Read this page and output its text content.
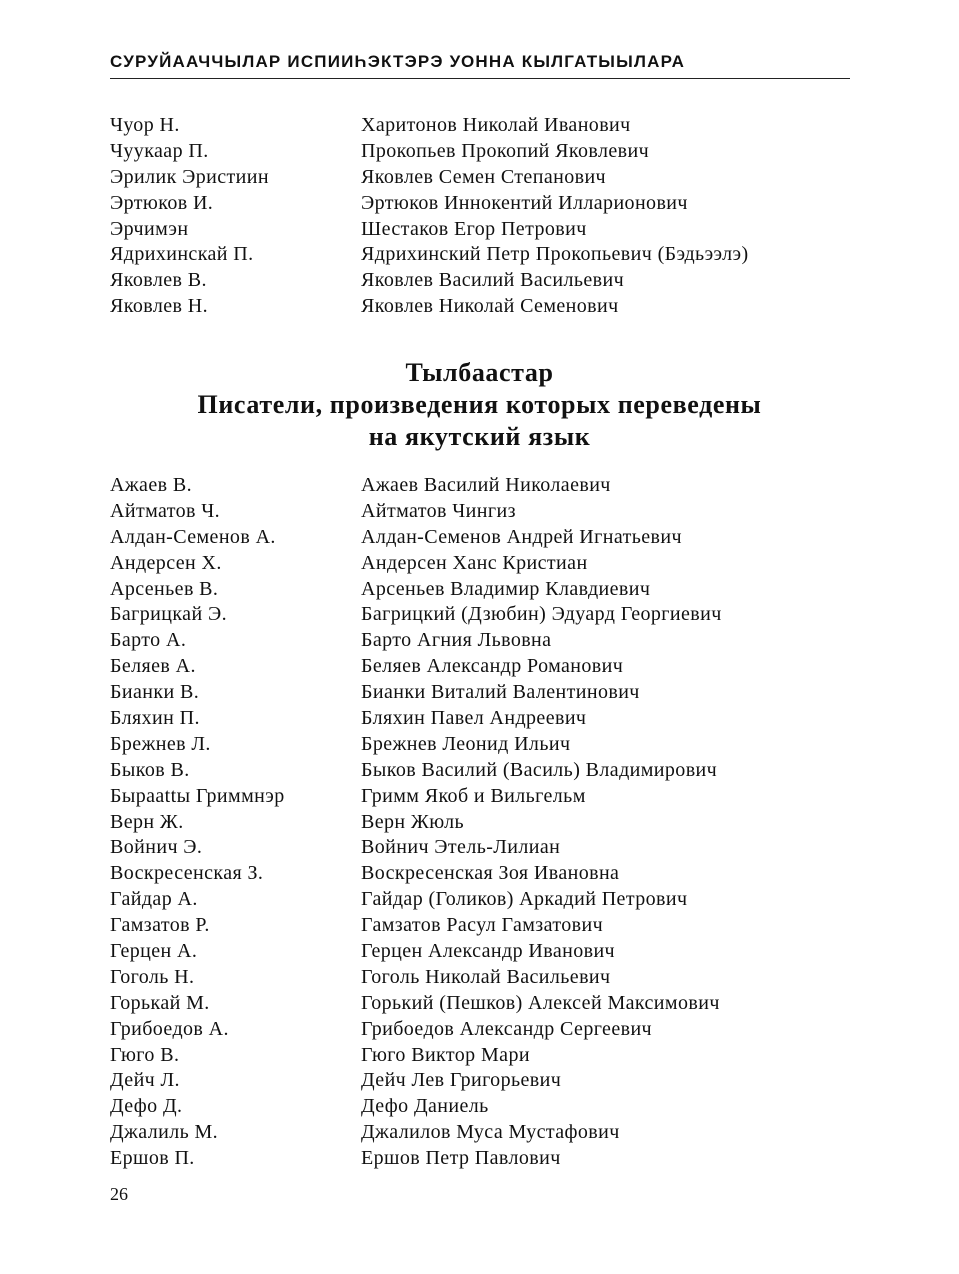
СУРУЙААЧЧЫЛАР ИСПИИҺЭКТЭРЭ УОННА КЫЛГАТЫЫЛАРА
Чуор Н.	Харитонов Николай Иванович
Чуукаар П.	Прокопьев Прокопий Яковлевич
Эрилик Эристиин	Яковлев Семен Степанович
Эртюков И.	Эртюков Иннокентий Илларионович
Эрчимэн	Шестаков Егор Петрович
Ядрихинскай П.	Ядрихинский Петр Прокопьевич (Бэдьээлэ)
Яковлев В.	Яковлев Василий Васильевич
Яковлев Н.	Яковлев Николай Семенович
Тылбаастар
Писатели, произведения которых переведены
на якутский язык
Ажаев В.	Ажаев Василий Николаевич
Айтматов Ч.	Айтматов Чингиз
Алдан-Семенов А.	Алдан-Семенов Андрей Игнатьевич
Андерсен Х.	Андерсен Ханс Кристиан
Арсеньев В.	Арсеньев Владимир Клавдиевич
Багрицкай Э.	Багрицкий (Дзюбин) Эдуард Георгиевич
Барто А.	Барто Агния Львовна
Беляев А.	Беляев Александр Романович
Бианки В.	Бианки Виталий Валентинович
Бляхин П.	Бляхин Павел Андреевич
Брежнев Л.	Брежнев Леонид Ильич
Быков В.	Быков Василий (Василь) Владимирович
Быраattы Гриммнэр	Гримм Якоб и Вильгельм
Верн Ж.	Верн Жюль
Войнич Э.	Войнич Этель-Лилиан
Воскресенская З.	Воскресенская Зоя Ивановна
Гайдар А.	Гайдар (Голиков) Аркадий Петрович
Гамзатов Р.	Гамзатов Расул Гамзатович
Герцен А.	Герцен Александр Иванович
Гоголь Н.	Гоголь Николай Васильевич
Горькай М.	Горький (Пешков) Алексей Максимович
Грибоедов А.	Грибоедов Александр Сергеевич
Гюго В.	Гюго Виктор Мари
Дейч Л.	Дейч Лев Григорьевич
Дефо Д.	Дефо Даниель
Джалиль М.	Джалилов Муса Мустафович
Ершов П.	Ершов Петр Павлович
26
